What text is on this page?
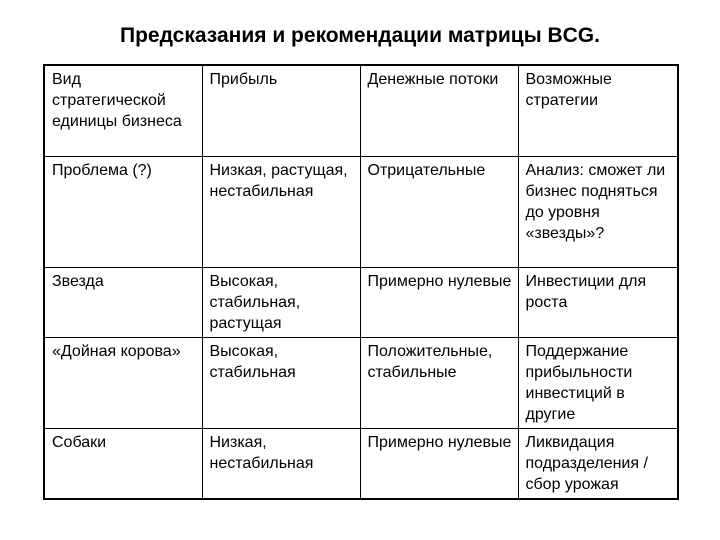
Предсказания и рекомендации матрицы BCG.
Вид стратегической единицы бизнеса	Прибыль	Денежные потоки	Возможные стратегии
Проблема (?)	Низкая, растущая, нестабильная	Отрицательные	Анализ: сможет ли бизнес подняться до уровня «звезды»?
Звезда	Высокая, стабильная, растущая	Примерно нулевые	Инвестиции для роста
«Дойная корова»	Высокая, стабильная	Положительные, стабильные	Поддержание прибыльности инвестиций в другие
Собаки	Низкая, нестабильная	Примерно нулевые	Ликвидация подразделения / сбор урожая
